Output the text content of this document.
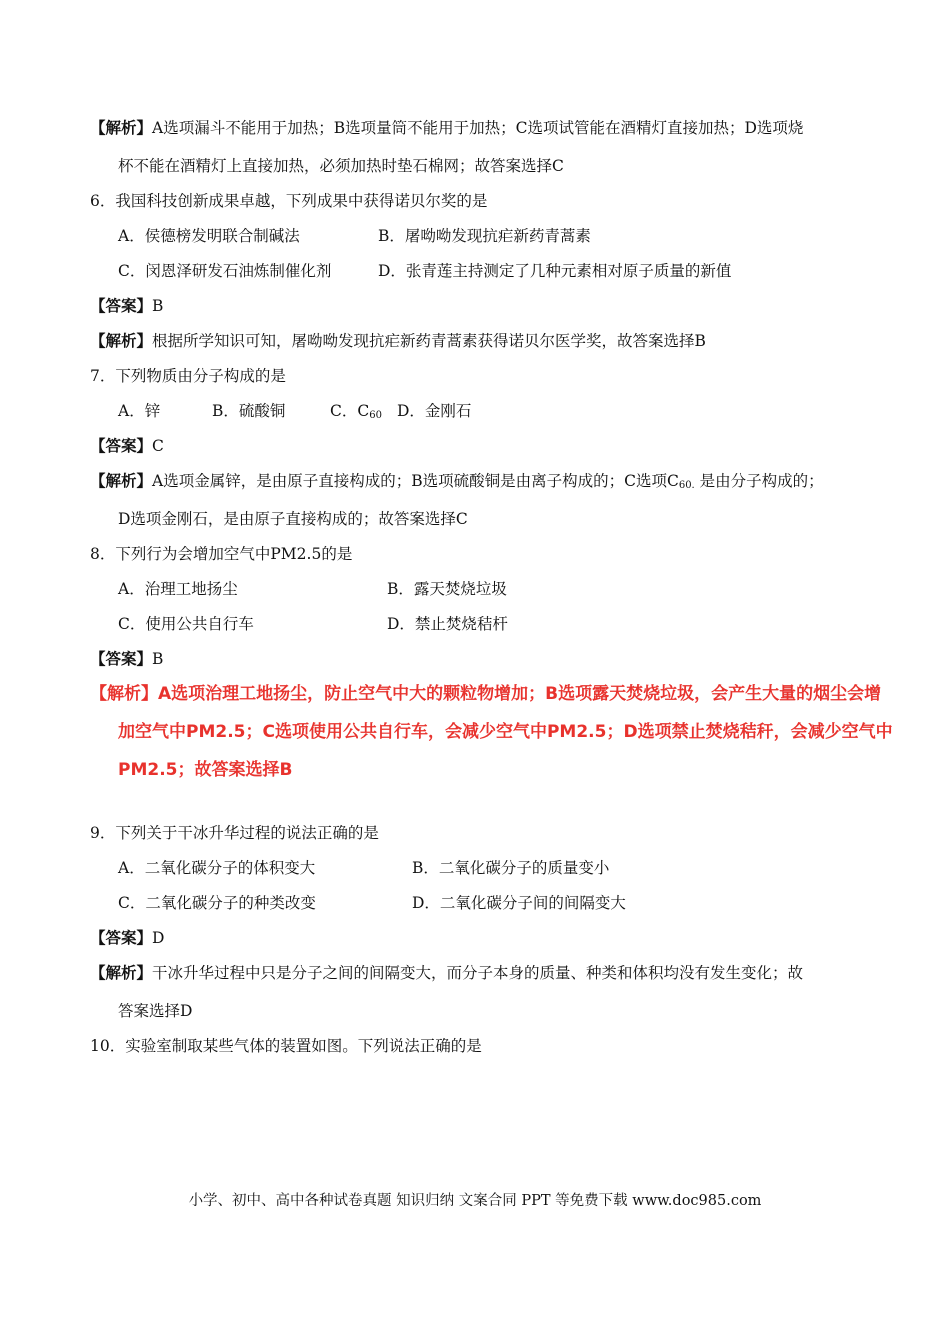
【解析】A选项漏斗不能用于加热；B选项量筒不能用于加热；C选项试管能在酒精灯直接加热；D选项烧
杯不能在酒精灯上直接加热，必须加热时垫石棉网；故答案选择C
6．我国科技创新成果卓越，下列成果中获得诺贝尔奖的是
A．侯德榜发明联合制碱法	B．屠呦呦发现抗疟新药青蒿素
C．闵恩泽研发石油炼制催化剂	D．张青莲主持测定了几种元素相对原子质量的新值
【答案】B
【解析】根据所学知识可知，屠呦呦发现抗疟新药青蒿素获得诺贝尔医学奖，故答案选择B
7．下列物质由分子构成的是
A．锌	B．硫酸铜	C．$C_{60}$ D．金刚石
【答案】C
【解析】A选项金属锌，是由原子直接构成的；B选项硫酸铜是由离子构成的；C选项$C_{60.}$ 是由分子构成的；
D选项金刚石，是由原子直接构成的；故答案选择C
8．下列行为会增加空气中PM2.5的是
A．治理工地扬尘	B．露天焚烧垃圾
C．使用公共自行车	D．禁止焚烧秸杆
【答案】B
【解析】A选项治理工地扬尘，防止空气中大的颗粒物增加；B选项露天焚烧垃圾，会产生大量的烟尘会增
加空气中PM2.5；C选项使用公共自行车，会减少空气中PM2.5；D选项禁止焚烧秸秆，会减少空气中
PM2.5；故答案选择B
9．下列关于干冰升华过程的说法正确的是
A．二氧化碳分子的体积变大	B．二氧化碳分子的质量变小
C．二氧化碳分子的种类改变	D．二氧化碳分子间的间隔变大
【答案】D
【解析】干冰升华过程中只是分子之间的间隔变大，而分子本身的质量、种类和体积均没有发生变化；故
答案选择D
10．实验室制取某些气体的装置如图。下列说法正确的是
小学、初中、高中各种试卷真题 知识归纳 文案合同 PPT 等免费下载 www.doc985.com
